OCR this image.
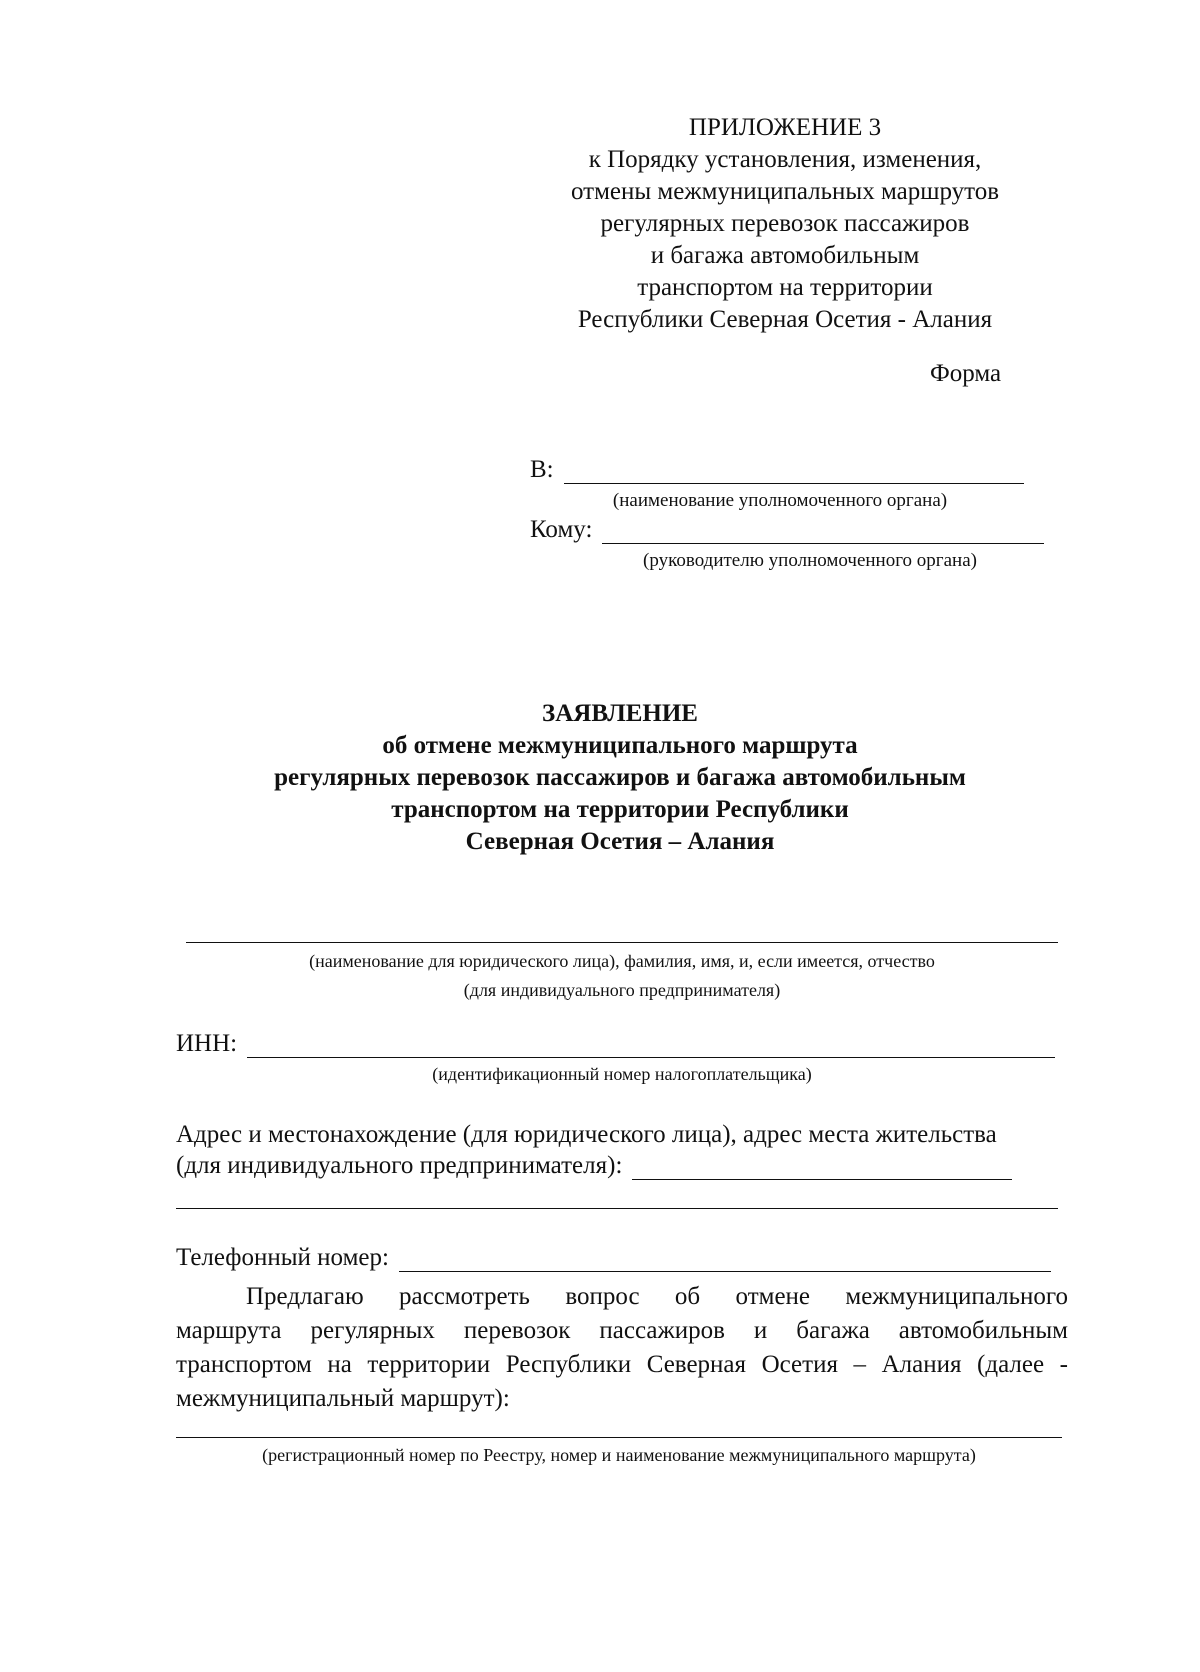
ПРИЛОЖЕНИЕ 3
к Порядку установления, изменения,
отмены межмуниципальных маршрутов
регулярных перевозок пассажиров
и багажа автомобильным
транспортом на территории
Республики Северная Осетия - Алания
Форма
В:
(наименование уполномоченного органа)
Кому:
(руководителю уполномоченного органа)
ЗАЯВЛЕНИЕ
об отмене межмуниципального маршрута
регулярных перевозок пассажиров и багажа автомобильным
транспортом на территории Республики
Северная Осетия – Алания
(наименование для юридического лица), фамилия, имя, и, если имеется, отчество
(для индивидуального предпринимателя)
ИНН:
(идентификационный номер налогоплательщика)
Адрес и местонахождение (для юридического лица), адрес места жительства
(для индивидуального предпринимателя):
Телефонный номер:
Предлагаю рассмотреть вопрос об отмене межмуниципального
маршрута регулярных перевозок пассажиров и багажа автомобильным
транспортом на территории Республики Северная Осетия – Алания (далее -
межмуниципальный маршрут):
(регистрационный номер по Реестру, номер и наименование межмуниципального маршрута)
